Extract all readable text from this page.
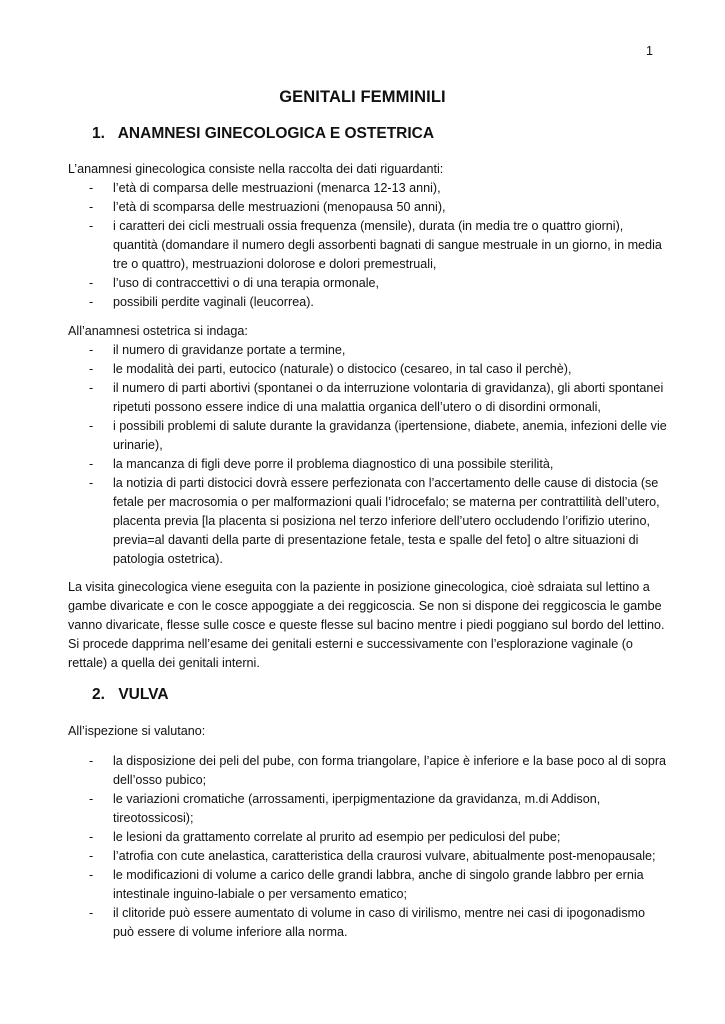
1
GENITALI FEMMINILI
1. ANAMNESI GINECOLOGICA E OSTETRICA
L’anamnesi ginecologica consiste nella raccolta dei dati riguardanti:
- l’età di comparsa delle mestruazioni (menarca 12-13 anni),
- l’età di scomparsa delle mestruazioni (menopausa 50 anni),
- i caratteri dei cicli mestruali ossia frequenza (mensile), durata (in media tre o quattro giorni), quantità (domandare il numero degli assorbenti bagnati di sangue mestruale in un giorno, in media tre o quattro), mestruazioni dolorose e dolori premestruali,
- l’uso di contraccettivi o di una terapia ormonale,
- possibili perdite vaginali (leucorrea).
All’anamnesi ostetrica si indaga:
- il numero di gravidanze portate a termine,
- le modalità dei parti, eutocico (naturale) o distocico (cesareo, in tal caso il perchè),
- il numero di parti abortivi (spontanei o da interruzione volontaria di gravidanza), gli aborti spontanei ripetuti possono essere indice di una malattia organica dell’utero o di disordini ormonali,
- i possibili problemi di salute durante la gravidanza (ipertensione, diabete, anemia, infezioni delle vie urinarie),
- la mancanza di figli deve porre il problema diagnostico di una possibile sterilità,
- la notizia di parti distocici dovrà essere perfezionata con l’accertamento delle cause di distocia (se fetale per macrosomia o per malformazioni quali l’idrocefalo; se materna per contrattilità dell’utero, placenta previa [la placenta si posiziona nel terzo inferiore dell’utero occludendo l’orifizio uterino, previa=al davanti della parte di presentazione fetale, testa e spalle del feto] o altre situazioni di patologia ostetrica).
La visita ginecologica viene eseguita con la paziente in posizione ginecologica, cioè sdraiata sul lettino a gambe divaricate e con le cosce appoggiate a dei reggicoscia. Se non si dispone dei reggicoscia le gambe vanno divaricate, flesse sulle cosce e queste flesse sul bacino mentre i piedi poggiano sul bordo del lettino. Si procede dapprima nell’esame dei genitali esterni e successivamente con l’esplorazione vaginale (o rettale) a quella dei genitali interni.
2. VULVA
All’ispezione si valutano:
- la disposizione dei peli del pube, con forma triangolare, l’apice è inferiore e la base poco al di sopra dell’osso pubico;
- le variazioni cromatiche (arrossamenti, iperpigmentazione da gravidanza, m.di Addison, tireotossicosi);
- le lesioni da grattamento correlate al prurito ad esempio per pediculosi del pube;
- l’atrofia con cute anelastica, caratteristica della craurosi vulvare, abitualmente post-menopausale;
- le modificazioni di volume a carico delle grandi labbra, anche di singolo grande labbro per ernia intestinale inguino-labiale o per versamento ematico;
- il clitoride può essere aumentato di volume in caso di virilismo, mentre nei casi di ipogonadismo può essere di volume inferiore alla norma.
